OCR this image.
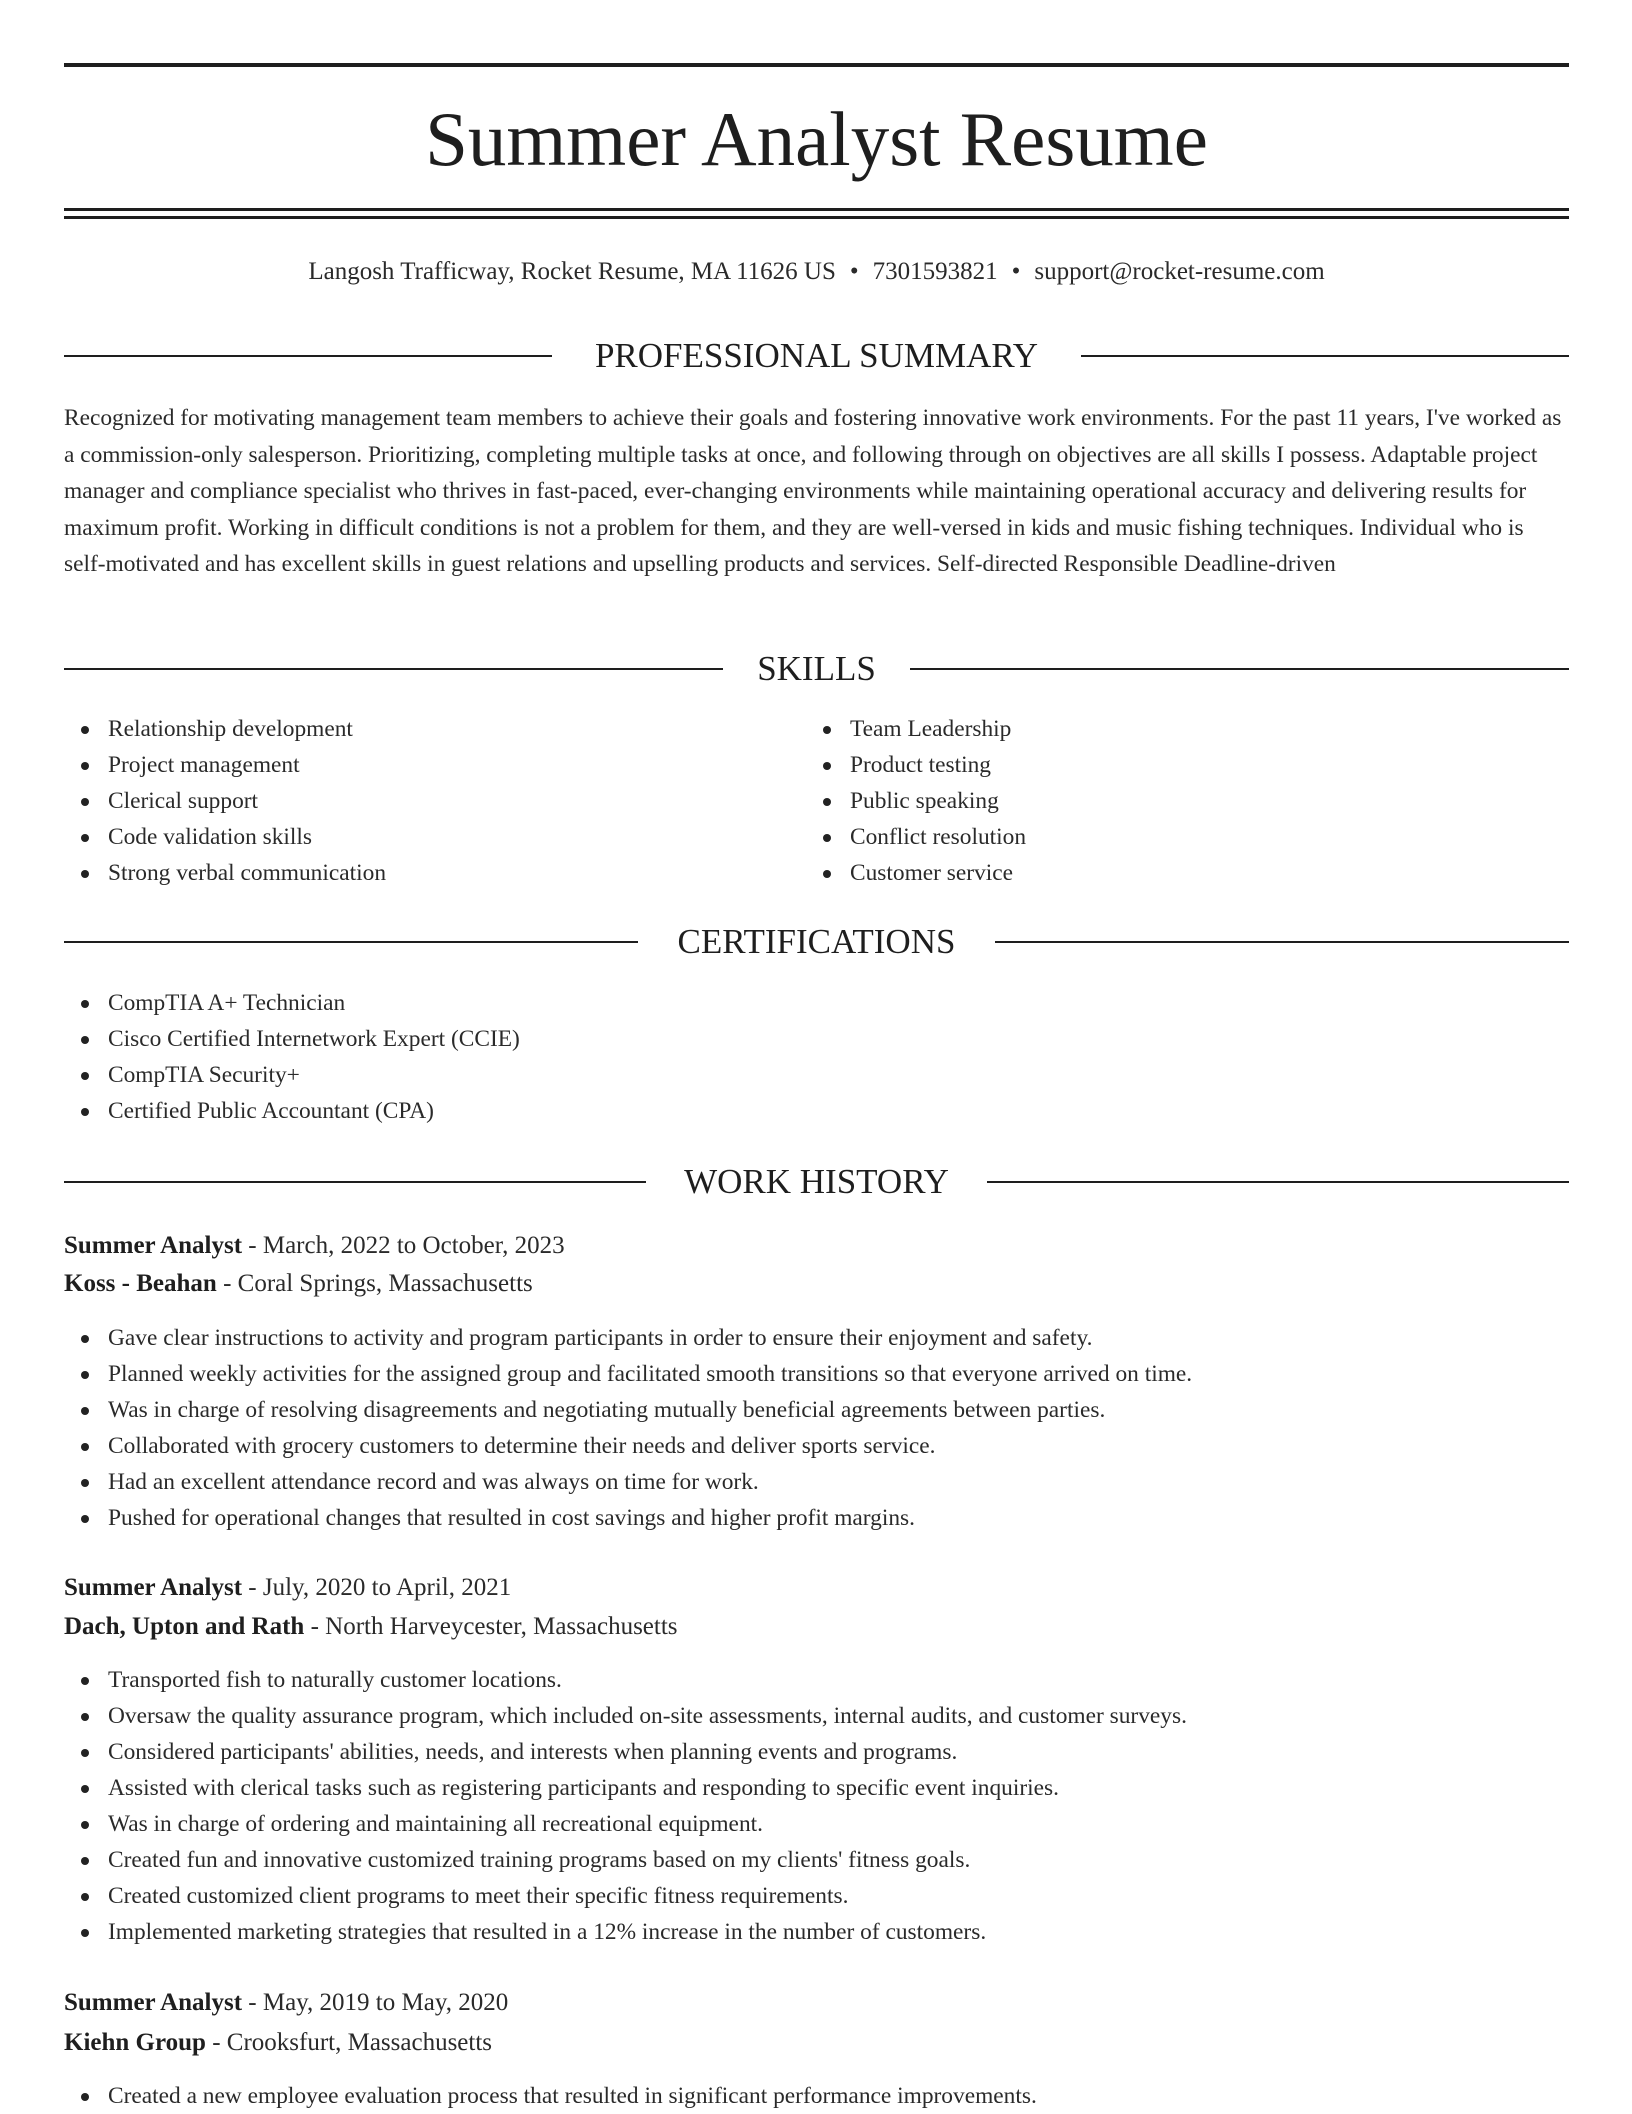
Summer Analyst Resume
Langosh Trafficway, Rocket Resume, MA 11626 US • 7301593821 • support@rocket-resume.com
PROFESSIONAL SUMMARY

Recognized for motivating management team members to achieve their goals and fostering innovative work environments. For the past 11 years, I've worked as a commission-only salesperson. Prioritizing, completing multiple tasks at once, and following through on objectives are all skills I possess. Adaptable project manager and compliance specialist who thrives in fast-paced, ever-changing environments while maintaining operational accuracy and delivering results for maximum profit. Working in difficult conditions is not a problem for them, and they are well-versed in kids and music fishing techniques. Individual who is self-motivated and has excellent skills in guest relations and upselling products and services. Self-directed Responsible Deadline-driven

SKILLS
Relationship development
Project management
Clerical support
Code validation skills
Strong verbal communication
Team Leadership
Product testing
Public speaking
Conflict resolution
Customer service
CERTIFICATIONS
CompTIA A+ Technician
Cisco Certified Internetwork Expert (CCIE)
CompTIA Security+
Certified Public Accountant (CPA)
WORK HISTORY
Summer Analyst - March, 2022 to October, 2023
Koss - Beahan - Coral Springs, Massachusetts
Gave clear instructions to activity and program participants in order to ensure their enjoyment and safety.
Planned weekly activities for the assigned group and facilitated smooth transitions so that everyone arrived on time.
Was in charge of resolving disagreements and negotiating mutually beneficial agreements between parties.
Collaborated with grocery customers to determine their needs and deliver sports service.
Had an excellent attendance record and was always on time for work.
Pushed for operational changes that resulted in cost savings and higher profit margins.
Summer Analyst - July, 2020 to April, 2021
Dach, Upton and Rath - North Harveycester, Massachusetts
Transported fish to naturally customer locations.
Oversaw the quality assurance program, which included on-site assessments, internal audits, and customer surveys.
Considered participants' abilities, needs, and interests when planning events and programs.
Assisted with clerical tasks such as registering participants and responding to specific event inquiries.
Was in charge of ordering and maintaining all recreational equipment.
Created fun and innovative customized training programs based on my clients' fitness goals.
Created customized client programs to meet their specific fitness requirements.
Implemented marketing strategies that resulted in a 12% increase in the number of customers.
Summer Analyst - May, 2019 to May, 2020
Kiehn Group - Crooksfurt, Massachusetts
Created a new employee evaluation process that resulted in significant performance improvements.
